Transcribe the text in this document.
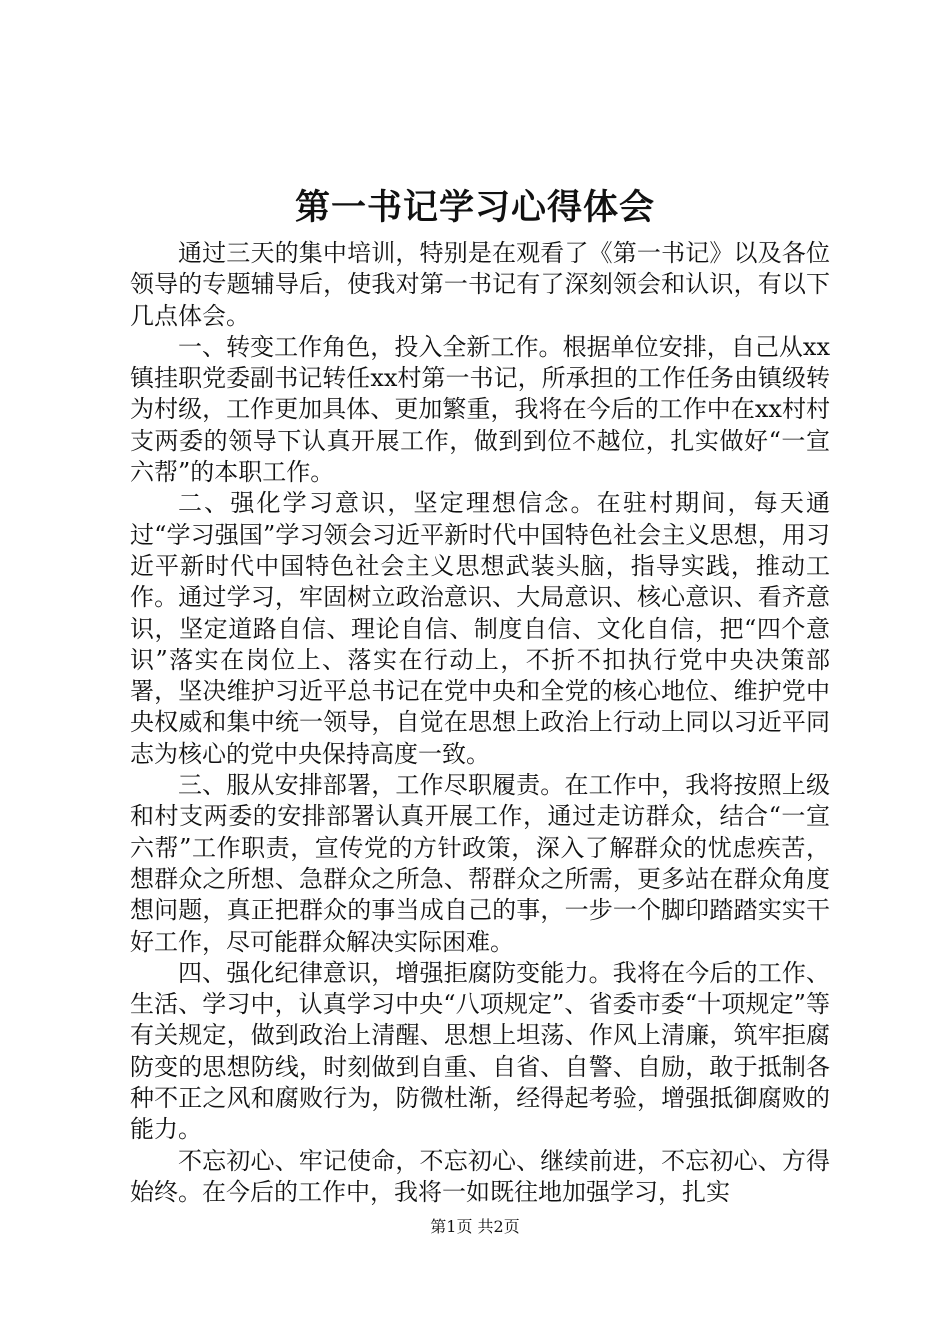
第一书记学习心得体会

通过三天的集中培训，特别是在观看了《第一书记》以及各位领导的专题辅导后，使我对第一书记有了深刻领会和认识，有以下几点体会。

一、转变工作角色，投入全新工作。根据单位安排，自己从xx镇挂职党委副书记转任xx村第一书记，所承担的工作任务由镇级转为村级，工作更加具体、更加繁重，我将在今后的工作中在xx村村支两委的领导下认真开展工作，做到到位不越位，扎实做好“一宣六帮”的本职工作。

二、强化学习意识，坚定理想信念。在驻村期间，每天通过“学习强国”学习领会习近平新时代中国特色社会主义思想，用习近平新时代中国特色社会主义思想武装头脑，指导实践，推动工作。通过学习，牢固树立政治意识、大局意识、核心意识、看齐意识，坚定道路自信、理论自信、制度自信、文化自信，把“四个意识”落实在岗位上、落实在行动上，不折不扣执行党中央决策部署，坚决维护习近平总书记在党中央和全党的核心地位、维护党中央权威和集中统一领导，自觉在思想上政治上行动上同以习近平同志为核心的党中央保持高度一致。

三、服从安排部署，工作尽职履责。在工作中，我将按照上级和村支两委的安排部署认真开展工作，通过走访群众，结合“一宣六帮”工作职责，宣传党的方针政策，深入了解群众的忧虑疾苦，想群众之所想、急群众之所急、帮群众之所需，更多站在群众角度想问题，真正把群众的事当成自己的事，一步一个脚印踏踏实实干好工作，尽可能群众解决实际困难。

四、强化纪律意识，增强拒腐防变能力。我将在今后的工作、生活、学习中，认真学习中央“八项规定”、省委市委“十项规定”等有关规定，做到政治上清醒、思想上坦荡、作风上清廉，筑牢拒腐防变的思想防线，时刻做到自重、自省、自警、自励，敢于抵制各种不正之风和腐败行为，防微杜渐，经得起考验，增强抵御腐败的能力。

不忘初心、牢记使命，不忘初心、继续前进，不忘初心、方得始终。在今后的工作中，我将一如既往地加强学习，扎实

第1页 共2页
